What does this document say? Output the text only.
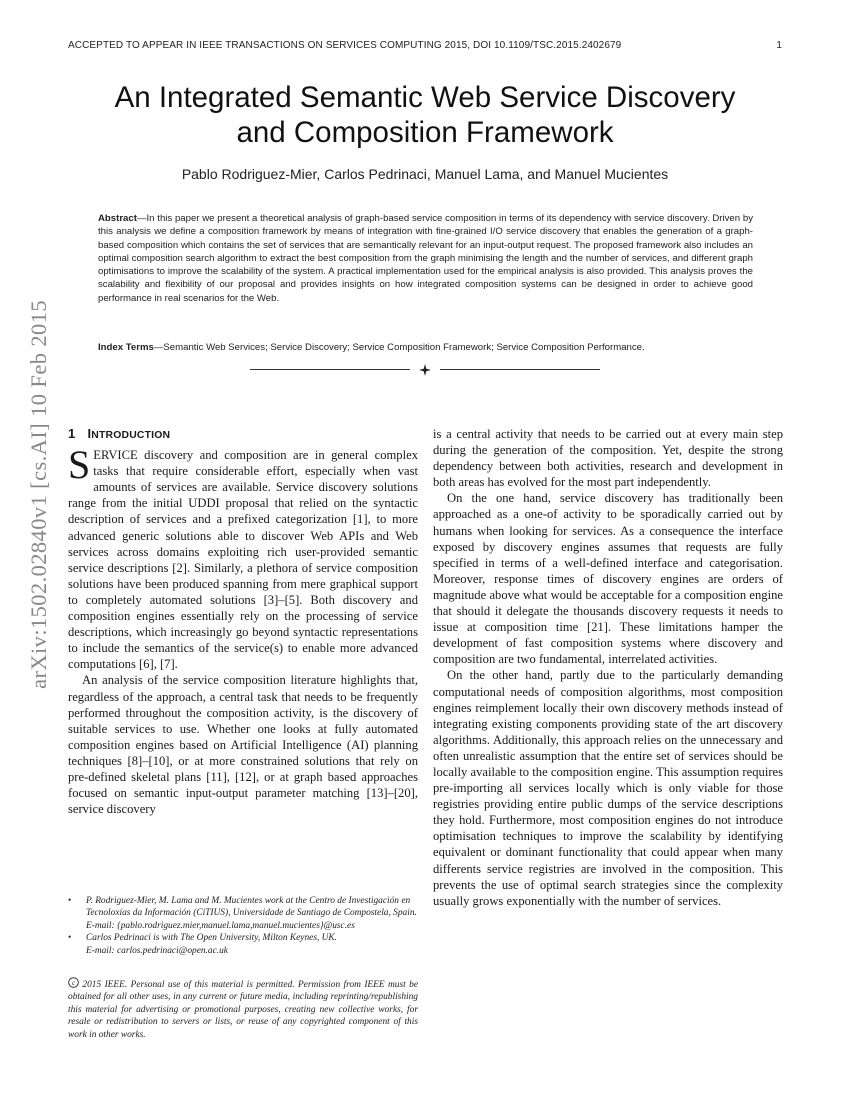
ACCEPTED TO APPEAR IN IEEE TRANSACTIONS ON SERVICES COMPUTING 2015, DOI 10.1109/TSC.2015.2402679	1
arXiv:1502.02840v1 [cs.AI] 10 Feb 2015
An Integrated Semantic Web Service Discovery
and Composition Framework
Pablo Rodriguez-Mier, Carlos Pedrinaci, Manuel Lama, and Manuel Mucientes
Abstract—In this paper we present a theoretical analysis of graph-based service composition in terms of its dependency with service discovery. Driven by this analysis we define a composition framework by means of integration with fine-grained I/O service discovery that enables the generation of a graph-based composition which contains the set of services that are semantically relevant for an input-output request. The proposed framework also includes an optimal composition search algorithm to extract the best composition from the graph minimising the length and the number of services, and different graph optimisations to improve the scalability of the system. A practical implementation used for the empirical analysis is also provided. This analysis proves the scalability and flexibility of our proposal and provides insights on how integrated composition systems can be designed in order to achieve good performance in real scenarios for the Web.
Index Terms—Semantic Web Services; Service Discovery; Service Composition Framework; Service Composition Performance.
1 INTRODUCTION

SERVICE discovery and composition are in general complex tasks that require considerable effort, especially when vast amounts of services are available. Service discovery solutions range from the initial UDDI proposal that relied on the syntactic description of services and a prefixed categorization [1], to more advanced generic solutions able to discover Web APIs and Web services across domains exploiting rich user-provided semantic service descriptions [2]. Similarly, a plethora of service composition solutions have been produced spanning from mere graphical support to completely automated solutions [3]–[5]. Both discovery and composition engines essentially rely on the processing of service descriptions, which increasingly go beyond syntactic representations to include the semantics of the service(s) to enable more advanced computations [6], [7].

An analysis of the service composition literature highlights that, regardless of the approach, a central task that needs to be frequently performed throughout the composition activity, is the discovery of suitable services to use. Whether one looks at fully automated composition engines based on Artificial Intelligence (AI) planning techniques [8]–[10], or at more constrained solutions that rely on pre-defined skeletal plans [11], [12], or at graph based approaches focused on semantic input-output parameter matching [13]–[20], service discovery

is a central activity that needs to be carried out at every main step during the generation of the composition. Yet, despite the strong dependency between both activities, research and development in both areas has evolved for the most part independently.

On the one hand, service discovery has traditionally been approached as a one-of activity to be sporadically carried out by humans when looking for services. As a consequence the interface exposed by discovery engines assumes that requests are fully specified in terms of a well-defined interface and categorisation. Moreover, response times of discovery engines are orders of magnitude above what would be acceptable for a composition engine that should it delegate the thousands discovery requests it needs to issue at composition time [21]. These limitations hamper the development of fast composition systems where discovery and composition are two fundamental, interrelated activities.

On the other hand, partly due to the particularly demanding computational needs of composition algorithms, most composition engines reimplement locally their own discovery methods instead of integrating existing components providing state of the art discovery algorithms. Additionally, this approach relies on the unnecessary and often unrealistic assumption that the entire set of services should be locally available to the composition engine. This assumption requires pre-importing all services locally which is only viable for those registries providing entire public dumps of the service descriptions they hold. Furthermore, most composition engines do not introduce optimisation techniques to improve the scalability by identifying equivalent or dominant functionality that could appear when many differents service registries are involved in the composition. This prevents the use of optimal search strategies since the complexity usually grows exponentially with the number of services.

• P. Rodriguez-Mier, M. Lama and M. Mucientes work at the Centro de Investigación en Tecnoloxías da Información (CiTIUS), Universidade de Santiago de Compostela, Spain.
E-mail: {pablo.rodriguez.mier,manuel.lama,manuel.mucientes}@usc.es
• Carlos Pedrinaci is with The Open University, Milton Keynes, UK.
E-mail: carlos.pedrinaci@open.ac.uk
c 2015 IEEE. Personal use of this material is permitted. Permission from IEEE must be obtained for all other uses, in any current or future media, including reprinting/republishing this material for advertising or promotional purposes, creating new collective works, for resale or redistribution to servers or lists, or reuse of any copyrighted component of this work in other works.
